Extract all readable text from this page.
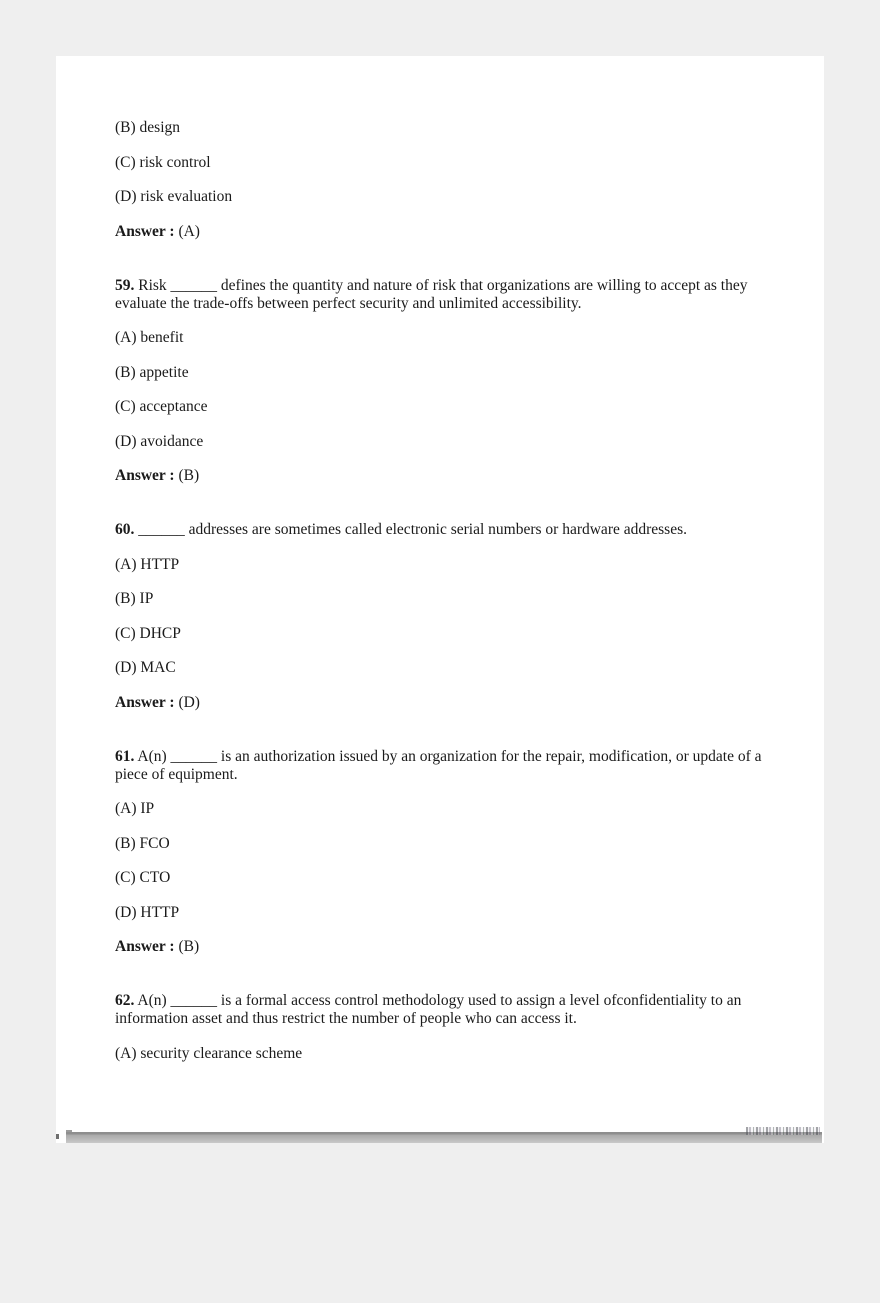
(B) design

(C) risk control

(D) risk evaluation

Answer : (A)

59. Risk ______ defines the quantity and nature of risk that organizations are willing to accept as they evaluate the trade-offs between perfect security and unlimited accessibility.

(A) benefit

(B) appetite

(C) acceptance

(D) avoidance

Answer : (B)

60. ______ addresses are sometimes called electronic serial numbers or hardware addresses.

(A) HTTP

(B) IP

(C) DHCP

(D) MAC

Answer : (D)

61. A(n) ______ is an authorization issued by an organization for the repair, modification, or update of a piece of equipment.

(A) IP

(B) FCO

(C) CTO

(D) HTTP

Answer : (B)

62. A(n) ______ is a formal access control methodology used to assign a level ofconfidentiality to an information asset and thus restrict the number of people who can access it.

(A) security clearance scheme
